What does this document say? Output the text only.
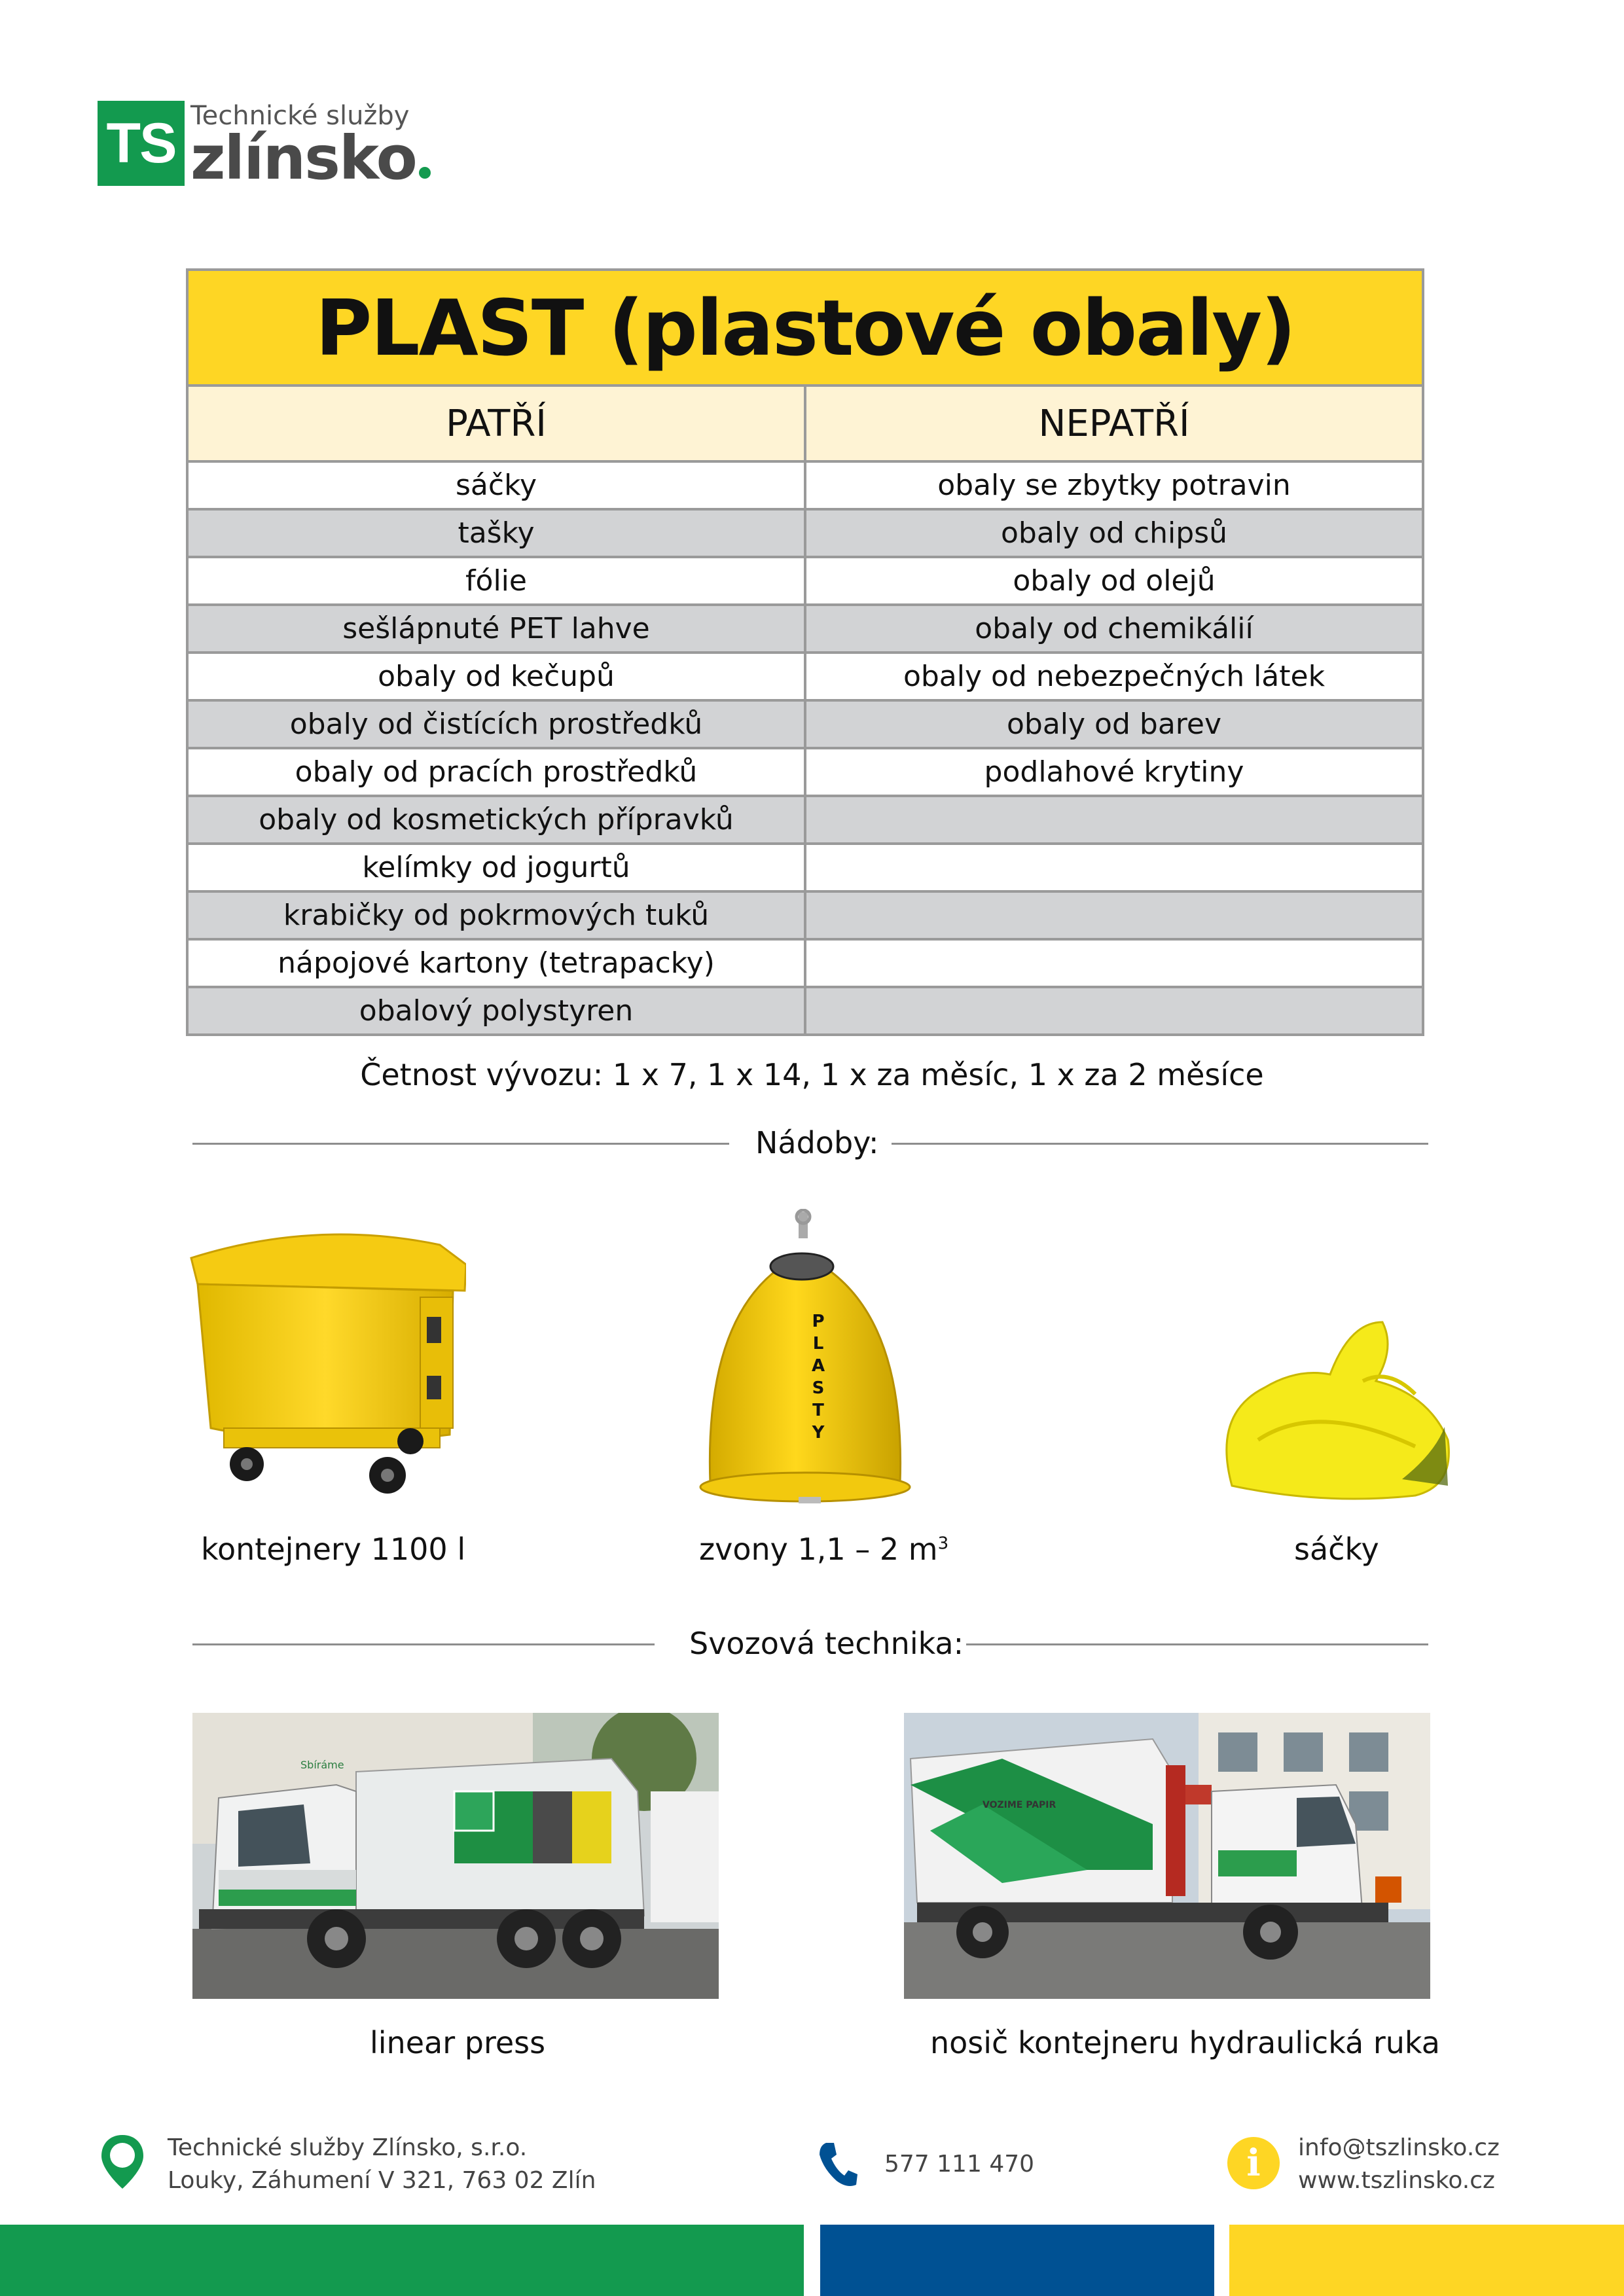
TS Technické služby
zlínsko
PLAST (plastové obaly)	
PATŘÍ	NEPATŘÍ
sáčky	obaly se zbytky potravin
tašky	obaly od chipsů
fólie	obaly od olejů
sešlápnuté PET lahve	obaly od chemikálií
obaly od kečupů	obaly od nebezpečných látek
obaly od čistících prostředků	obaly od barev
obaly od pracích prostředků	podlahové krytiny
obaly od kosmetických přípravků	
kelímky od jogurtů	
krabičky od pokrmových tuků	
nápojové kartony (tetrapacky)	
obalový polystyren	
Četnost vývozu: 1 x 7, 1 x 14, 1 x za měsíc, 1 x za 2 měsíce
Nádoby:
kontejnery 1100 l
PLASTY
zvony 1,1 – 2 $m^3$	sáčky
Svozová technika:
Sbíráme
linear press
VOZIME PAPIR
nosič kontejneru hydraulická ruka
Technické služby Zlínsko, s.r.o.
Louky, Záhumení V 321, 763 02 Zlín
577 111 470	i	info@tszlinsko.cz
www.tszlinsko.cz
